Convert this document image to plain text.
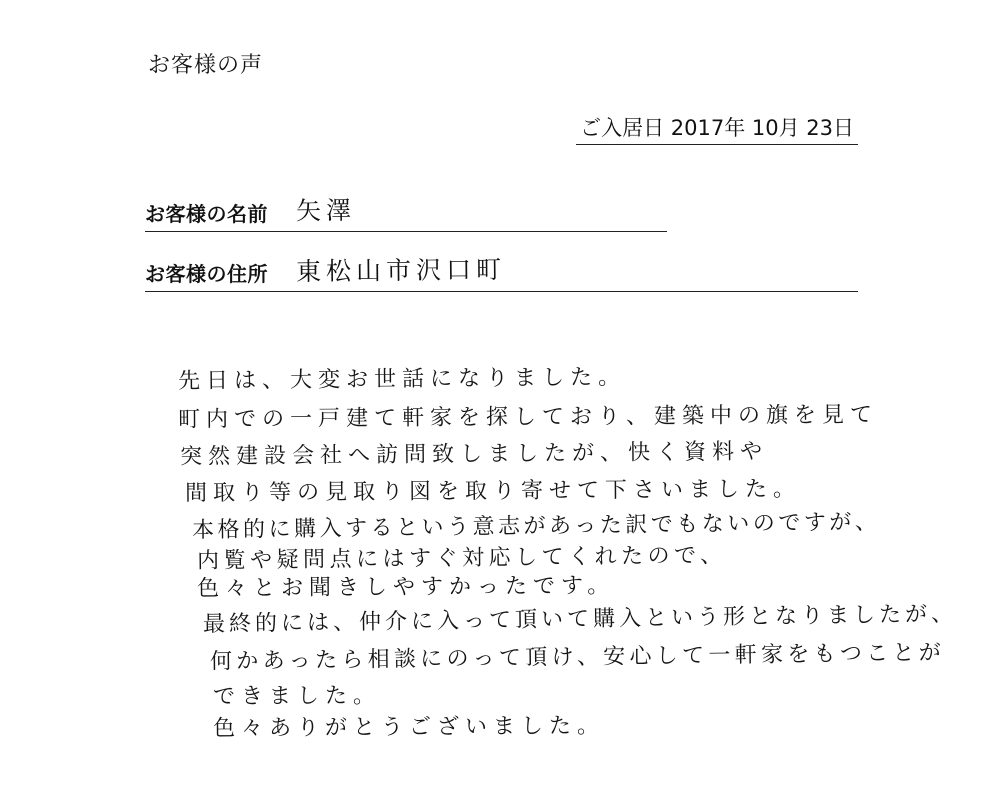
お客様の声
ご入居日 2017年 10月 23日
お客様の名前 矢澤
お客様の住所 東松山市沢口町
先日は、大変お世話になりました。
町内での一戸建て軒家を探しており、建築中の旗を見て
突然建設会社へ訪問致しましたが、快く資料や
間取り等の見取り図を取り寄せて下さいました。
本格的に購入するという意志があった訳でもないのですが、
内覧や疑問点にはすぐ対応してくれたので、
色々とお聞きしやすかったです。
最終的には、仲介に入って頂いて購入という形となりましたが、
何かあったら相談にのって頂け、安心して一軒家をもつことが
できました。
色々ありがとうございました。
